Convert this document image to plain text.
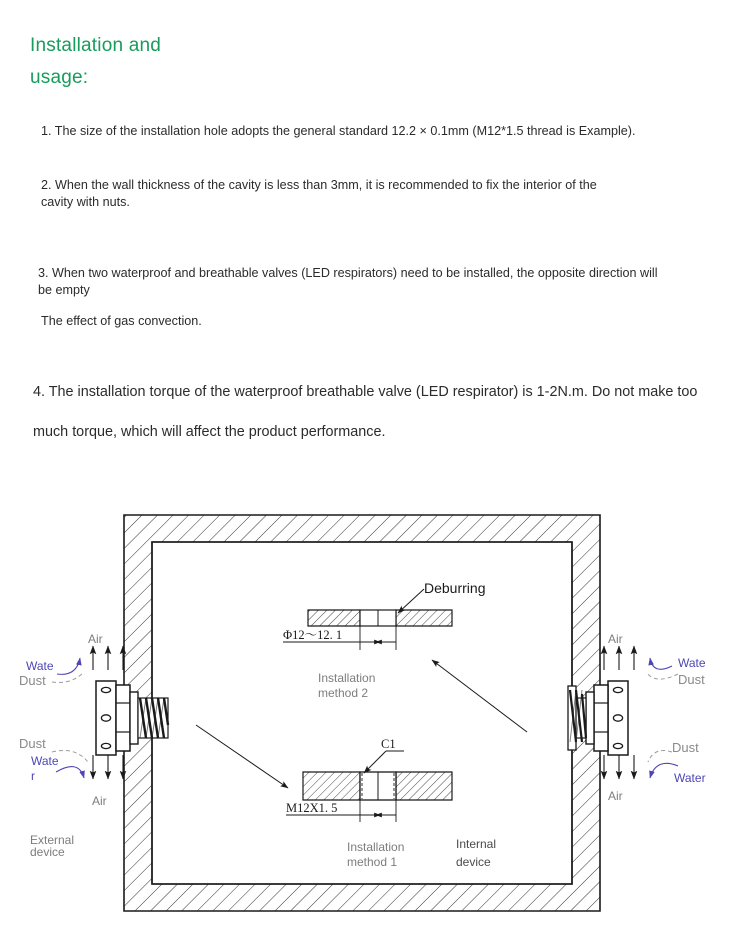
Installation and
usage:
1. The size of the installation hole adopts the general standard 12.2 × 0.1mm (M12*1.5 thread is Example).
2. When the wall thickness of the cavity is less than 3mm, it is recommended to fix the interior of the cavity with nuts.
3. When two waterproof and breathable valves (LED respirators) need to be installed, the opposite direction will be empty
The effect of gas convection.
4. The installation torque of the waterproof breathable valve (LED respirator) is 1-2N.m. Do not make too much torque, which will affect the product performance.
Φ12〜12. 1
Deburring
Installation
method 2
M12X1. 5
C1
Installation
method 1
Air
Air
Air
Air
Wate
Dust
Dust
Wate
r
Wate
Dust
Dust
Water
External
device
Internal
device
